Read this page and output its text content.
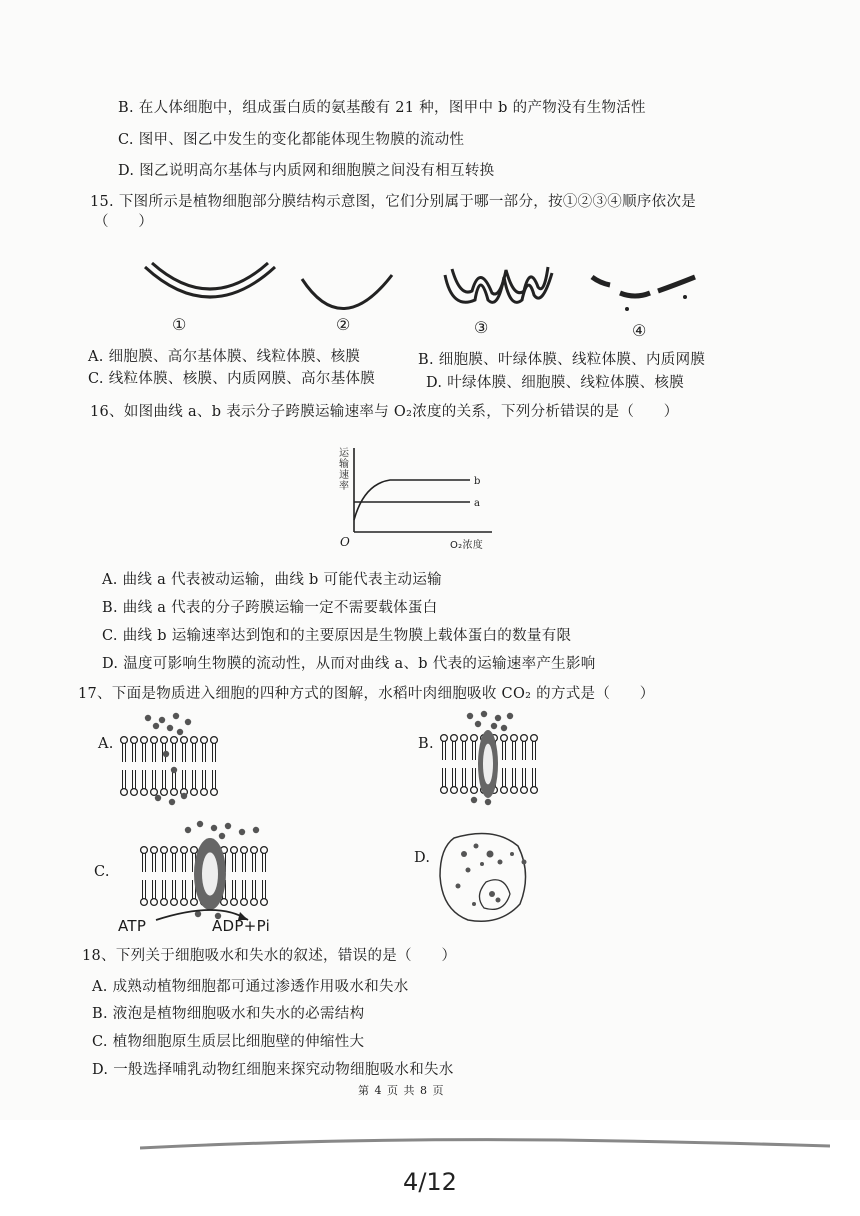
B. 在人体细胞中，组成蛋白质的氨基酸有 21 种，图甲中 b 的产物没有生物活性
C. 图甲、图乙中发生的变化都能体现生物膜的流动性
D. 图乙说明高尔基体与内质网和细胞膜之间没有相互转换
15. 下图所示是植物细胞部分膜结构示意图，它们分别属于哪一部分，按①②③④顺序依次是
（　　）
①	②	③	④
A. 细胞膜、高尔基体膜、线粒体膜、核膜	B. 细胞膜、叶绿体膜、线粒体膜、内质网膜
C. 线粒体膜、核膜、内质网膜、高尔基体膜	D. 叶绿体膜、细胞膜、线粒体膜、核膜
16、如图曲线 a、b 表示分子跨膜运输速率与 O₂浓度的关系，下列分析错误的是（　　）
运输速率
O	O₂浓度
b
a
A. 曲线 a 代表被动运输，曲线 b 可能代表主动运输
B. 曲线 a 代表的分子跨膜运输一定不需要载体蛋白
C. 曲线 b 运输速率达到饱和的主要原因是生物膜上载体蛋白的数量有限
D. 温度可影响生物膜的流动性，从而对曲线 a、b 代表的运输速率产生影响
17、下面是物质进入细胞的四种方式的图解，水稻叶肉细胞吸收 CO₂ 的方式是（　　）
A.	B.
C.
ATP	ADP+Pi
D.
18、下列关于细胞吸水和失水的叙述，错误的是（　　）
A. 成熟动植物细胞都可通过渗透作用吸水和失水
B. 液泡是植物细胞吸水和失水的必需结构
C. 植物细胞原生质层比细胞壁的伸缩性大
D. 一般选择哺乳动物红细胞来探究动物细胞吸水和失水
第 4 页 共 8 页
4/12
